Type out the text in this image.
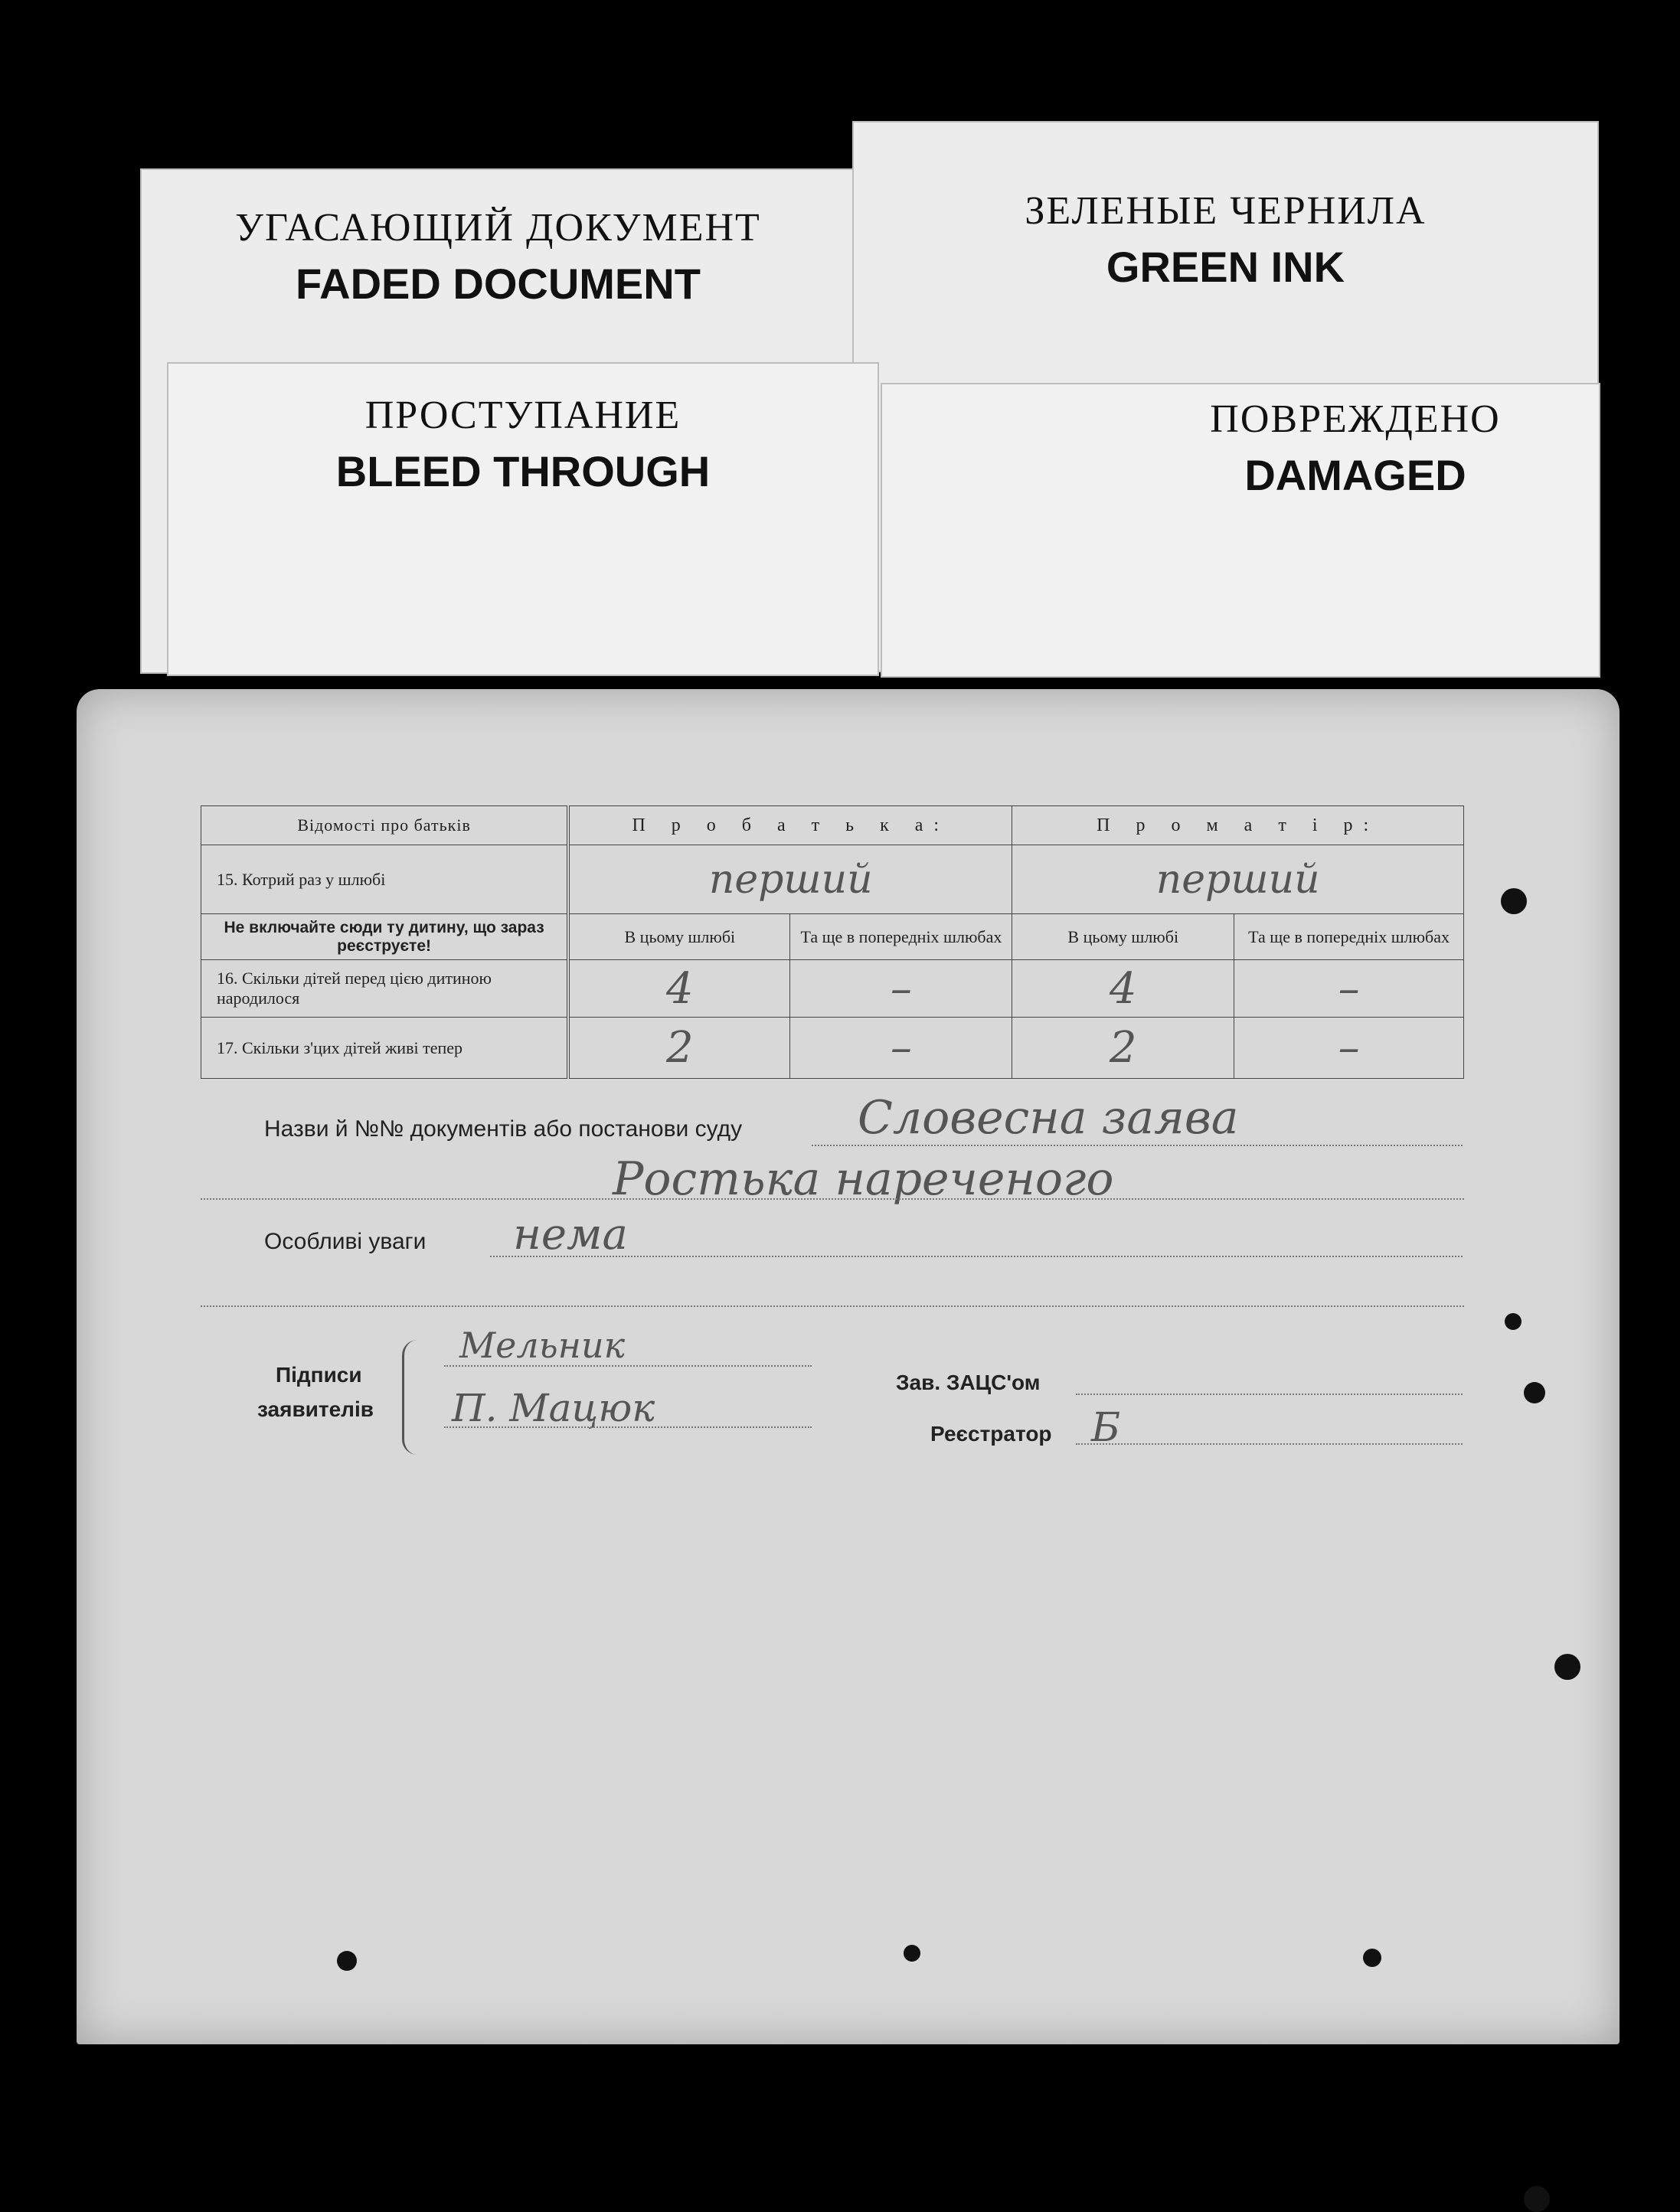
УГАСАЮЩИЙ ДОКУМЕНТ
FADED DOCUMENT
ЗЕЛЕНЫЕ ЧЕРНИЛА
GREEN INK
ПРОСТУПАНИЕ
BLEED THROUGH
ПОВРЕЖДЕНО
DAMAGED
Відомості про батьків	П р о б а т ь к а:		П р о м а т і р:	
15. Котрий раз у шлюбі	перший		перший	
Не включайте сюди ту дитину, що зараз реєструєте!	В цьому шлюбі	Та ще в попередніх шлюбах	В цьому шлюбі	Та ще в попередніх шлюбах
16. Скільки дітей перед цією дитиною народилося	4	–	4	–
17. Скільки з'цих дітей живі тепер	2	–	2	–
Назви й №№ документів або постанови суду	Словесна заява
Ростька нареченого
Особливі уваги нема
Підписи
заявителів
Мельник
П. Мацюк
Зав. ЗАЦС'ом
Реєстратор Б
